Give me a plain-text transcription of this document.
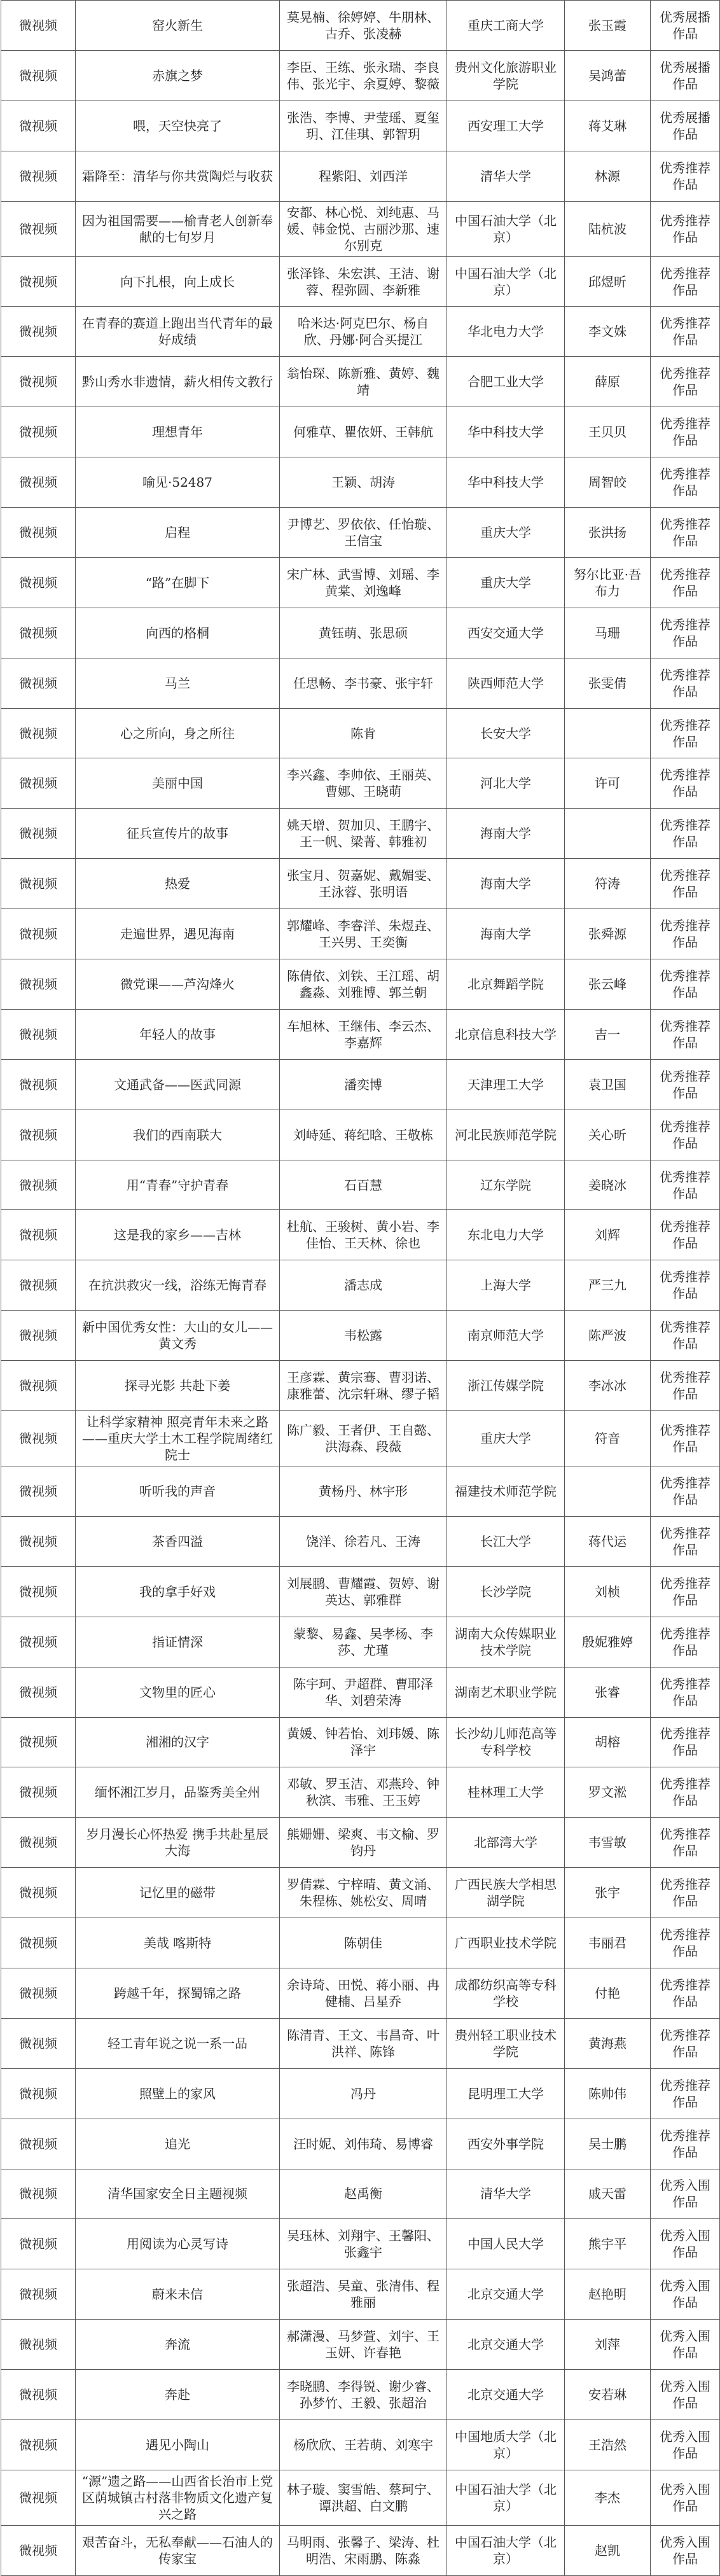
微视频	窑火新生	莫晃楠、徐婷婷、牛朋林、古乔、张凌赫	重庆工商大学	张玉霞	优秀展播作品
微视频	赤旗之梦	李臣、王练、张永瑞、李良伟、张光宇、余夏婷、黎薇	贵州文化旅游职业学院	吴鸿蕾	优秀展播作品
微视频	喂，天空快亮了	张浩、李博、尹莹瑶、夏玺玥、江佳琪、郭智玥	西安理工大学	蒋艾琳	优秀展播作品
微视频	霜降至：清华与你共赏陶烂与收获	程紫阳、刘西洋	清华大学	林源	优秀推荐作品
微视频	因为祖国需要——榆青老人创新奉献的七旬岁月	安都、林心悦、刘纯惠、马媛、韩金悦、古丽沙那、速尔别克	中国石油大学（北京）	陆杭波	优秀推荐作品
微视频	向下扎根，向上成长	张泽锋、朱宏淇、王洁、谢蓉、程弥圆、李新雅	中国石油大学（北京）	邱煜昕	优秀推荐作品
微视频	在青春的赛道上跑出当代青年的最好成绩	哈米达·阿克巴尔、杨自欣、丹娜·阿合买提江	华北电力大学	李文姝	优秀推荐作品
微视频	黔山秀水非遗情，薪火相传文教行	翁怡琛、陈新雅、黄婷、魏靖	合肥工业大学	薛原	优秀推荐作品
微视频	理想青年	何雅草、瞿依妍、王韩航	华中科技大学	王贝贝	优秀推荐作品
微视频	喻见·52487	王颖、胡涛	华中科技大学	周智皎	优秀推荐作品
微视频	启程	尹博艺、罗依依、任怡璇、王信宝	重庆大学	张洪扬	优秀推荐作品
微视频	“路”在脚下	宋广林、武雪博、刘瑶、李黄棠、刘逸峰	重庆大学	努尔比亚·吾布力	优秀推荐作品
微视频	向西的格桐	黄钰萌、张思硕	西安交通大学	马珊	优秀推荐作品
微视频	马兰	任思畅、李书豪、张宇轩	陕西师范大学	张雯倩	优秀推荐作品
微视频	心之所向，身之所往	陈肯	长安大学		优秀推荐作品
微视频	美丽中国	李兴鑫、李帅依、王丽英、曹娜、王晓萌	河北大学	许可	优秀推荐作品
微视频	征兵宣传片的故事	姚天增、贺加贝、王鹏宇、王一帆、梁菁、韩雅初	海南大学		优秀推荐作品
微视频	热爱	张宝月、贺嘉妮、戴媚雯、王泳蓉、张明语	海南大学	符涛	优秀推荐作品
微视频	走遍世界，遇见海南	郭耀峰、李睿洋、朱煜垚、王兴男、王奕衡	海南大学	张舜源	优秀推荐作品
微视频	微党课——芦沟烽火	陈倩依、刘铁、王江瑶、胡鑫淼、刘雅博、郭兰朝	北京舞蹈学院	张云峰	优秀推荐作品
微视频	年轻人的故事	车旭林、王继伟、李云杰、李嘉辉	北京信息科技大学	吉一	优秀推荐作品
微视频	文通武备——医武同源	潘奕博	天津理工大学	袁卫国	优秀推荐作品
微视频	我们的西南联大	刘峙延、蒋纪晗、王敬栋	河北民族师范学院	关心昕	优秀推荐作品
微视频	用“青春”守护青春	石百慧	辽东学院	姜晓冰	优秀推荐作品
微视频	这是我的家乡——吉林	杜航、王骏树、黄小岩、李佳怡、王天林、徐也	东北电力大学	刘辉	优秀推荐作品
微视频	在抗洪救灾一线，浴练无悔青春	潘志成	上海大学	严三九	优秀推荐作品
微视频	新中国优秀女性：大山的女儿——黄文秀	韦松露	南京师范大学	陈严波	优秀推荐作品
微视频	探寻光影 共赴下姜	王彦霖、黄宗骞、曹羽诺、康雅蕾、沈宗轩琳、缪子韬	浙江传媒学院	李冰冰	优秀推荐作品
微视频	让科学家精神 照亮青年未来之路——重庆大学土木工程学院周绪红院士	陈广毅、王者伊、王自懿、洪海森、段薇	重庆大学	符音	优秀推荐作品
微视频	听听我的声音	黄杨丹、林宇形	福建技术师范学院		优秀推荐作品
微视频	茶香四溢	饶洋、徐若凡、王涛	长江大学	蒋代运	优秀推荐作品
微视频	我的拿手好戏	刘展鹏、曹耀霞、贺婷、谢英达、郭雅群	长沙学院	刘桢	优秀推荐作品
微视频	指证情深	蒙黎、易鑫、吴孝杨、李莎、尤瑾	湖南大众传媒职业技术学院	殷妮雅婷	优秀推荐作品
微视频	文物里的匠心	陈宇珂、尹超群、曹耶泽华、刘碧荣涛	湖南艺术职业学院	张睿	优秀推荐作品
微视频	湘湘的汉字	黄媛、钟若怡、刘玮媛、陈泽宇	长沙幼儿师范高等专科学校	胡榕	优秀推荐作品
微视频	缅怀湘江岁月，品鉴秀美全州	邓敏、罗玉洁、邓燕玲、钟秋滨、韦雅、王玉婷	桂林理工大学	罗文淞	优秀推荐作品
微视频	岁月漫长心怀热爱 携手共赴星辰大海	熊姗姗、梁爽、韦文榆、罗钧丹	北部湾大学	韦雪敏	优秀推荐作品
微视频	记忆里的磁带	罗倩霖、宁梓晴、黄文涌、朱程栋、姚松安、周晴	广西民族大学相思湖学院	张宇	优秀推荐作品
微视频	美哉 喀斯特	陈朝佳	广西职业技术学院	韦丽君	优秀推荐作品
微视频	跨越千年，探蜀锦之路	余诗琦、田悦、蒋小丽、冉健楠、吕星乔	成都纺织高等专科学校	付艳	优秀推荐作品
微视频	轻工青年说之说一系一品	陈清青、王文、韦昌奇、叶洪祥、陈锋	贵州轻工职业技术学院	黄海燕	优秀推荐作品
微视频	照壁上的家风	冯丹	昆明理工大学	陈帅伟	优秀推荐作品
微视频	追光	汪时妮、刘伟琦、易博睿	西安外事学院	吴士鹏	优秀推荐作品
微视频	清华国家安全日主题视频	赵禹衡	清华大学	戚天雷	优秀入围作品
微视频	用阅读为心灵写诗	吴珏林、刘翔宇、王馨阳、张鑫宇	中国人民大学	熊宇平	优秀入围作品
微视频	蔚来未信	张超浩、吴童、张清伟、程雅丽	北京交通大学	赵艳明	优秀入围作品
微视频	奔流	郝潇漫、马梦萱、刘宇、王玉妍、许春艳	北京交通大学	刘萍	优秀入围作品
微视频	奔赴	李晓鹏、李得锐、谢少睿、孙梦竹、王毅、张超治	北京交通大学	安若琳	优秀入围作品
微视频	遇见小陶山	杨欣欣、王若萌、刘寒宇	中国地质大学（北京）	王浩然	优秀入围作品
微视频	“源”遗之路——山西省长治市上党区荫城镇古村落非物质文化遗产复兴之路	林子璇、窦雪皓、蔡珂宁、谭洪超、白文鹏	中国石油大学（北京）	李杰	优秀入围作品
微视频	艰苦奋斗，无私奉献——石油人的传家宝	马明雨、张馨子、梁涛、杜明浩、宋雨鹏、陈淼	中国石油大学（北京）	赵凯	优秀入围作品
